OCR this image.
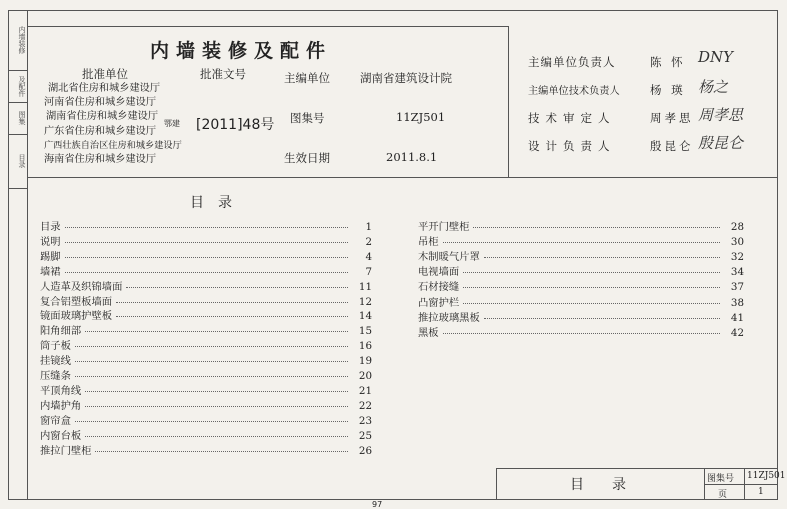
内墙装修
及配件
图集
目录
内墙装修及配件
批准单位	批准文号
湖北省住房和城乡建设厅
河南省住房和城乡建设厅
湖南省住房和城乡建设厅
广东省住房和城乡建设厅
广西壮族自治区住房和城乡建设厅
海南省住房和城乡建设厅
鄂建 [2011]48号
主编单位	湖南省建筑设计院
图集号	11ZJ501
生效日期	2011.8.1
主编单位负责人	陈 怀 DNY
主编单位技术负责人	杨 瑛 杨之
技术审定人	周孝思 周孝思
设计负责人	殷昆仑 殷昆仑
目录
目录	1
说明	2
踢脚	4
墙裙	7
人造革及织锦墙面	11
复合铝塑板墙面	12
镜面玻璃护壁板	14
阳角细部	15
筒子板	16
挂镜线	19
压缝条	20
平顶角线	21
内墙护角	22
窗帘盒	23
内窗台板	25
推拉门壁柜	26
平开门壁柜	28
吊柜	30
木制暖气片罩	32
电视墙面	34
石材接缝	37
凸窗护栏	38
推拉玻璃黑板	41
黑板	42
目录	图集号 11ZJ501
页	1
97
